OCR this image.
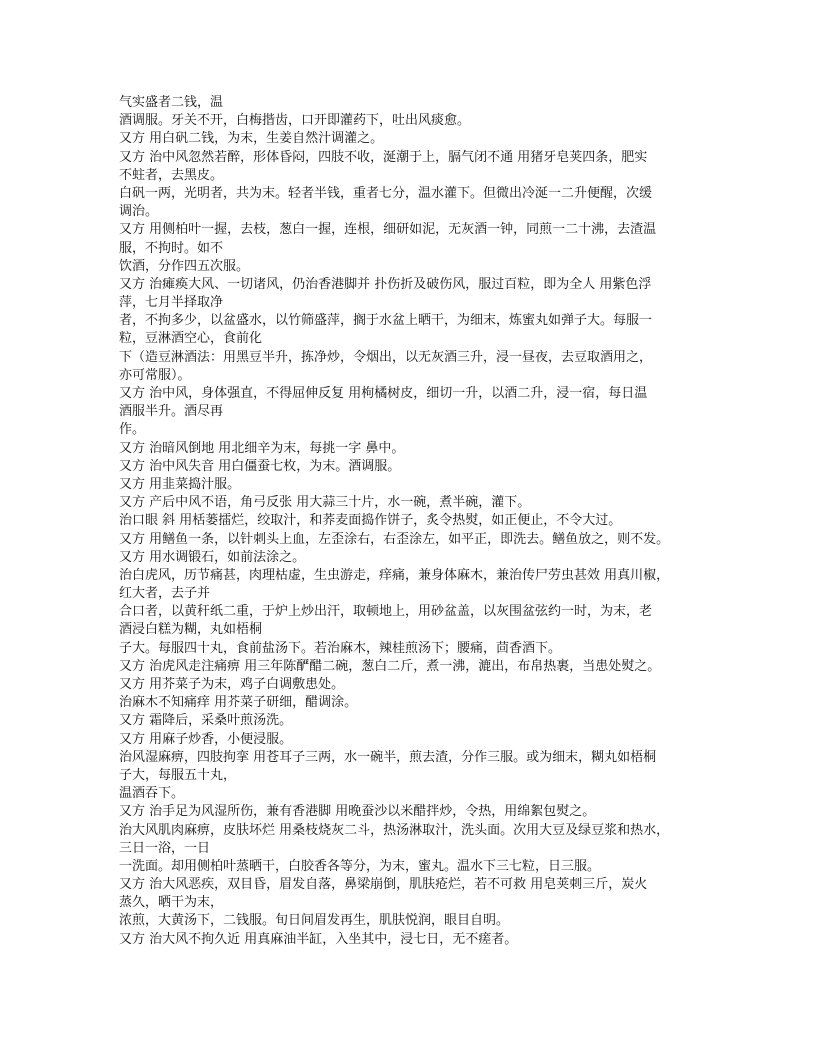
气实盛者二钱，温
酒调服。牙关不开，白梅揩齿，口开即灌药下，吐出风痰愈。
又方 用白矾二钱，为末，生姜自然汁调灌之。
又方 治中风忽然若醉，形体昏闷，四肢不收，涎潮于上，膈气闭不通 用猪牙皂荚四条，肥实
不蛀者，去黑皮。
白矾一两，光明者，共为末。轻者半钱，重者七分，温水灌下。但微出冷涎一二升便醒，次缓
调治。
又方 用侧柏叶一握，去枝，葱白一握，连根，细研如泥，无灰酒一钟，同煎一二十沸，去渣温
服，不拘时。如不
饮酒，分作四五次服。
又方 治瘫痪大风、一切诸风，仍治香港脚并 扑伤折及破伤风，服过百粒，即为全人 用紫色浮
萍，七月半择取净
者，不拘多少，以盆盛水，以竹筛盛萍，搁于水盆上晒干，为细末，炼蜜丸如弹子大。每服一
粒，豆淋酒空心，食前化
下（造豆淋酒法：用黑豆半升，拣净炒，令烟出，以无灰酒三升，浸一昼夜，去豆取酒用之，
亦可常服）。
又方 治中风，身体强直，不得屈伸反复 用枸橘树皮，细切一升，以酒二升，浸一宿，每日温
酒服半升。酒尽再
作。
又方 治暗风倒地 用北细辛为末，每挑一字 鼻中。
又方 治中风失音 用白僵蚕七枚，为末。酒调服。
又方 用韭菜捣汁服。
又方 产后中风不语，角弓反张 用大蒜三十片，水一碗，煮半碗，灌下。
治口眼 斜 用栝蒌擂烂，绞取汁，和荞麦面捣作饼子，炙令热熨，如正便止，不令大过。
又方 用鳝鱼一条，以针刺头上血，左歪涂右，右歪涂左，如平正，即洗去。鳝鱼放之，则不发。
又方 用水调锻石，如前法涂之。
治白虎风，历节痛甚，肉理枯虚，生虫游走，痒痛，兼身体麻木，兼治传尸劳虫甚效 用真川椒，
红大者，去子并
合口者，以黄秆纸二重，于炉上炒出汗，取顿地上，用砂盆盖，以灰围盆弦约一时，为末，老
酒浸白糕为糊，丸如梧桐
子大。每服四十丸，食前盐汤下。若治麻木，辣桂煎汤下；腰痛，茴香酒下。
又方 治虎风走注痛痹 用三年陈酽醋二碗，葱白二斤，煮一沸，漉出，布帛热裹，当患处熨之。
又方 用芥菜子为末，鸡子白调敷患处。
治麻木不知痛痒 用芥菜子研细，醋调涂。
又方 霜降后，采桑叶煎汤洗。
又方 用麻子炒香，小便浸服。
治风湿麻痹，四肢拘挛 用苍耳子三两，水一碗半，煎去渣，分作三服。或为细末，糊丸如梧桐
子大，每服五十丸，
温酒吞下。
又方 治手足为风湿所伤，兼有香港脚 用晚蚕沙以米醋拌炒，令热，用绵絮包熨之。
治大风肌肉麻痹，皮肤坏烂 用桑枝烧灰二斗，热汤淋取汁，洗头面。次用大豆及绿豆浆和热水，
三日一浴，一日
一洗面。却用侧柏叶蒸晒干，白胶香各等分，为末，蜜丸。温水下三七粒，日三服。
又方 治大风恶疾，双目昏，眉发自落，鼻梁崩倒，肌肤疮烂，若不可救 用皂荚刺三斤，炭火
蒸久，晒干为末，
浓煎，大黄汤下，二钱服。旬日间眉发再生，肌肤悦润，眼目自明。
又方 治大风不拘久近 用真麻油半缸，入坐其中，浸七日，无不瘥者。
